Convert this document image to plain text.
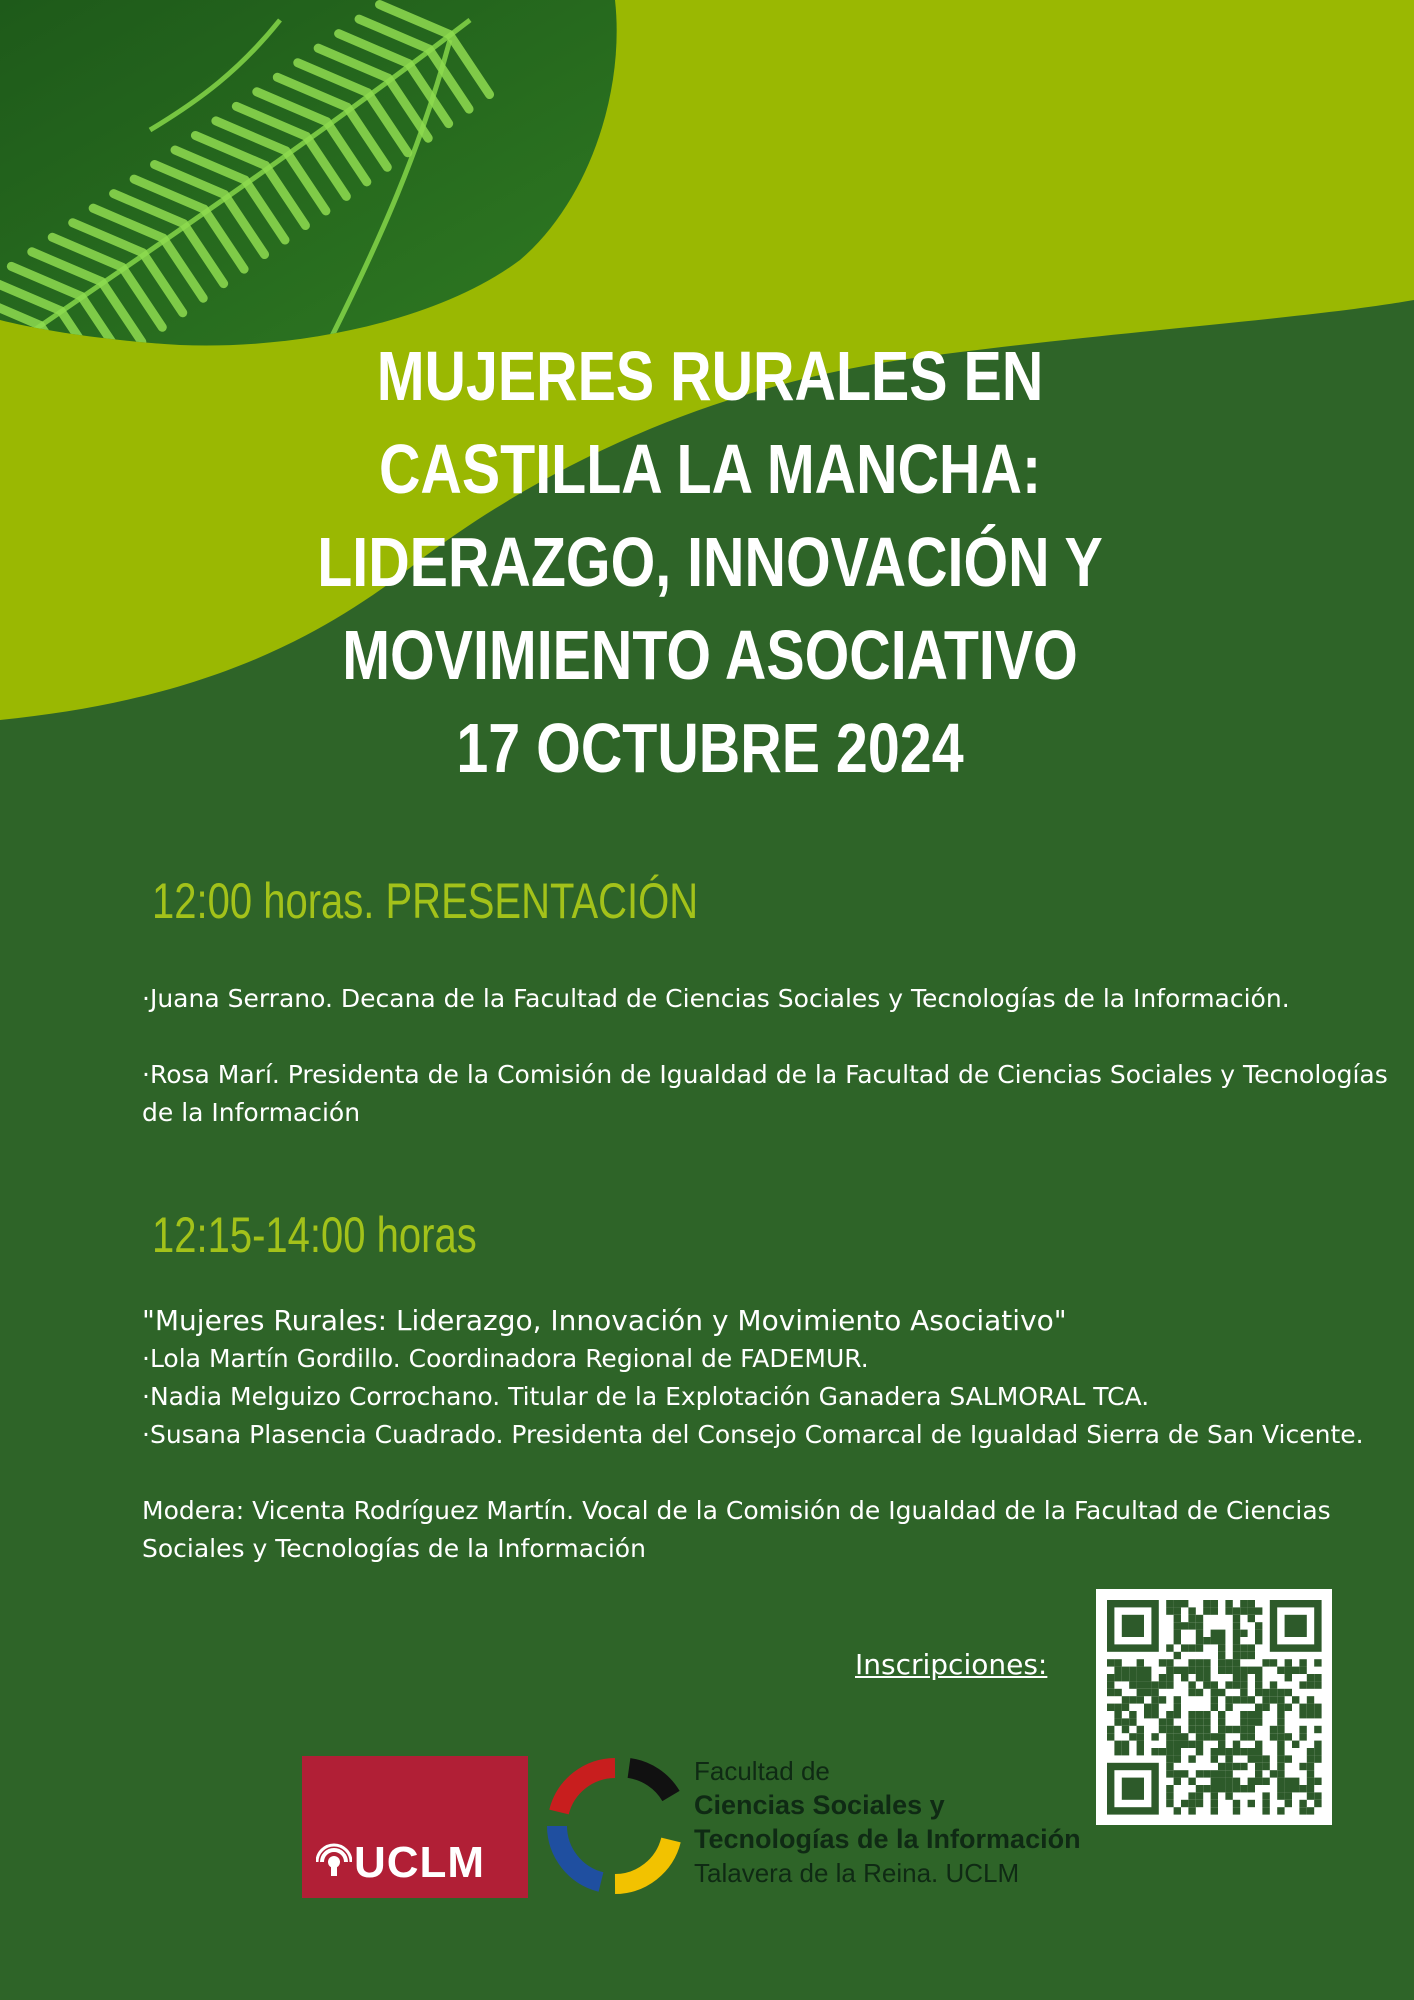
MUJERES RURALES EN
CASTILLA LA MANCHA:
LIDERAZGO, INNOVACIÓN Y
MOVIMIENTO ASOCIATIVO
17 OCTUBRE 2024
12:00 horas. PRESENTACIÓN

·Juana Serrano. Decana de la Facultad de Ciencias Sociales y Tecnologías de la Información.

·Rosa Marí. Presidenta de la Comisión de Igualdad de la Facultad de Ciencias Sociales y Tecnologías de la Información

12:15-14:00 horas

"Mujeres Rurales: Liderazgo, Innovación y Movimiento Asociativo"

·Lola Martín Gordillo. Coordinadora Regional de FADEMUR.

·Nadia Melguizo Corrochano. Titular de la Explotación Ganadera SALMORAL TCA.

·Susana Plasencia Cuadrado. Presidenta del Consejo Comarcal de Igualdad Sierra de San Vicente.

Modera: Vicenta Rodríguez Martín. Vocal de la Comisión de Igualdad de la Facultad de Ciencias Sociales y Tecnologías de la Información

Inscripciones:
UCLM
Facultad de
Ciencias Sociales y
Tecnologías de la Información
Talavera de la Reina. UCLM
